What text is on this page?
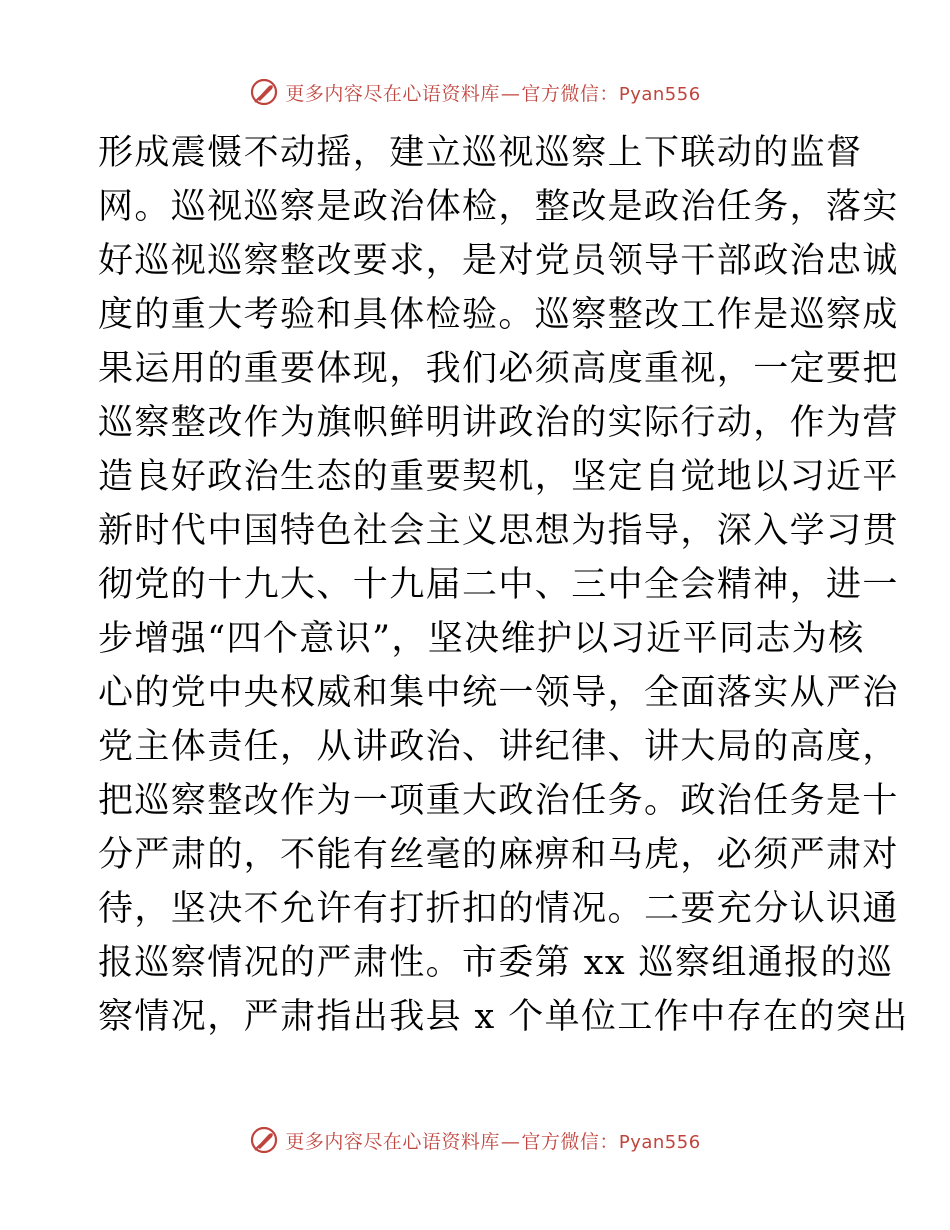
更多内容尽在心语资料库—官方微信：Pyan556
形成震慑不动摇，建立巡视巡察上下联动的监督
网。巡视巡察是政治体检，整改是政治任务，落实
好巡视巡察整改要求，是对党员领导干部政治忠诚
度的重大考验和具体检验。巡察整改工作是巡察成
果运用的重要体现，我们必须高度重视，一定要把
巡察整改作为旗帜鲜明讲政治的实际行动，作为营
造良好政治生态的重要契机，坚定自觉地以习近平
新时代中国特色社会主义思想为指导，深入学习贯
彻党的十九大、十九届二中、三中全会精神，进一
步增强“四个意识”，坚决维护以习近平同志为核
心的党中央权威和集中统一领导，全面落实从严治
党主体责任，从讲政治、讲纪律、讲大局的高度，
把巡察整改作为一项重大政治任务。政治任务是十
分严肃的，不能有丝毫的麻痹和马虎，必须严肃对
待，坚决不允许有打折扣的情况。二要充分认识通
报巡察情况的严肃性。市委第 xx 巡察组通报的巡
察情况，严肃指出我县 x 个单位工作中存在的突出
更多内容尽在心语资料库—官方微信：Pyan556
